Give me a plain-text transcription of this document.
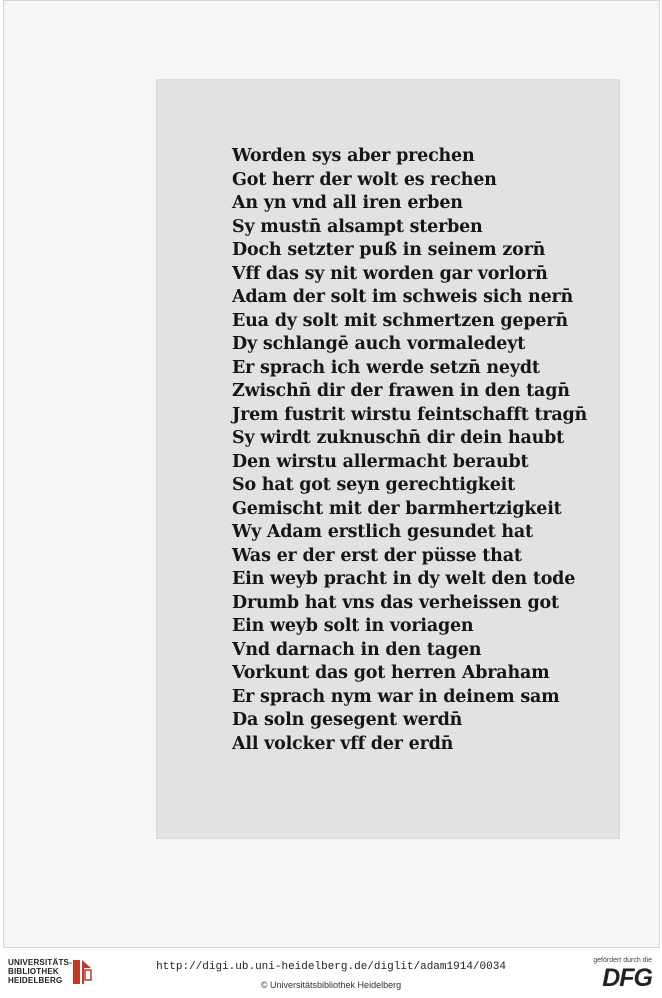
Worden sys aber prechen
Got herr der wolt es rechen
An yn vnd all iren erben
Sy mustn̄ alsampt sterben
Doch setzter puß in seinem zorn̄
Vff das sy nit worden gar vorlorn̄
Adam der solt im schweis sich nern̄
Eua dy solt mit schmertzen gepern̄
Dy schlangē auch vormaledeyt
Er sprach ich werde setzn̄ neydt
Zwischn̄ dir der frawen in den tagn̄
Jrem fustrit wirstu feintschafft tragn̄
Sy wirdt zuknuschn̄ dir dein haubt
Den wirstu allermacht beraubt
So hat got seyn gerechtigkeit
Gemischt mit der barmhertzigkeit
Wy Adam erstlich gesundet hat
Was er der erst der püsse that
Ein weyb pracht in dy welt den tode
Drumb hat vns das verheissen got
Ein weyb solt in voriagen
Vnd darnach in den tagen
Vorkunt das got herren Abraham
Er sprach nym war in deinem sam
Da soln gesegent werdn̄
All volcker vff der erdn̄
UNIVERSITÄTS-
BIBLIOTHEK
HEIDELBERG
http://digi.ub.uni-heidelberg.de/diglit/adam1914/0034
© Universitätsbibliothek Heidelberg
gefördert durch die
DFG
